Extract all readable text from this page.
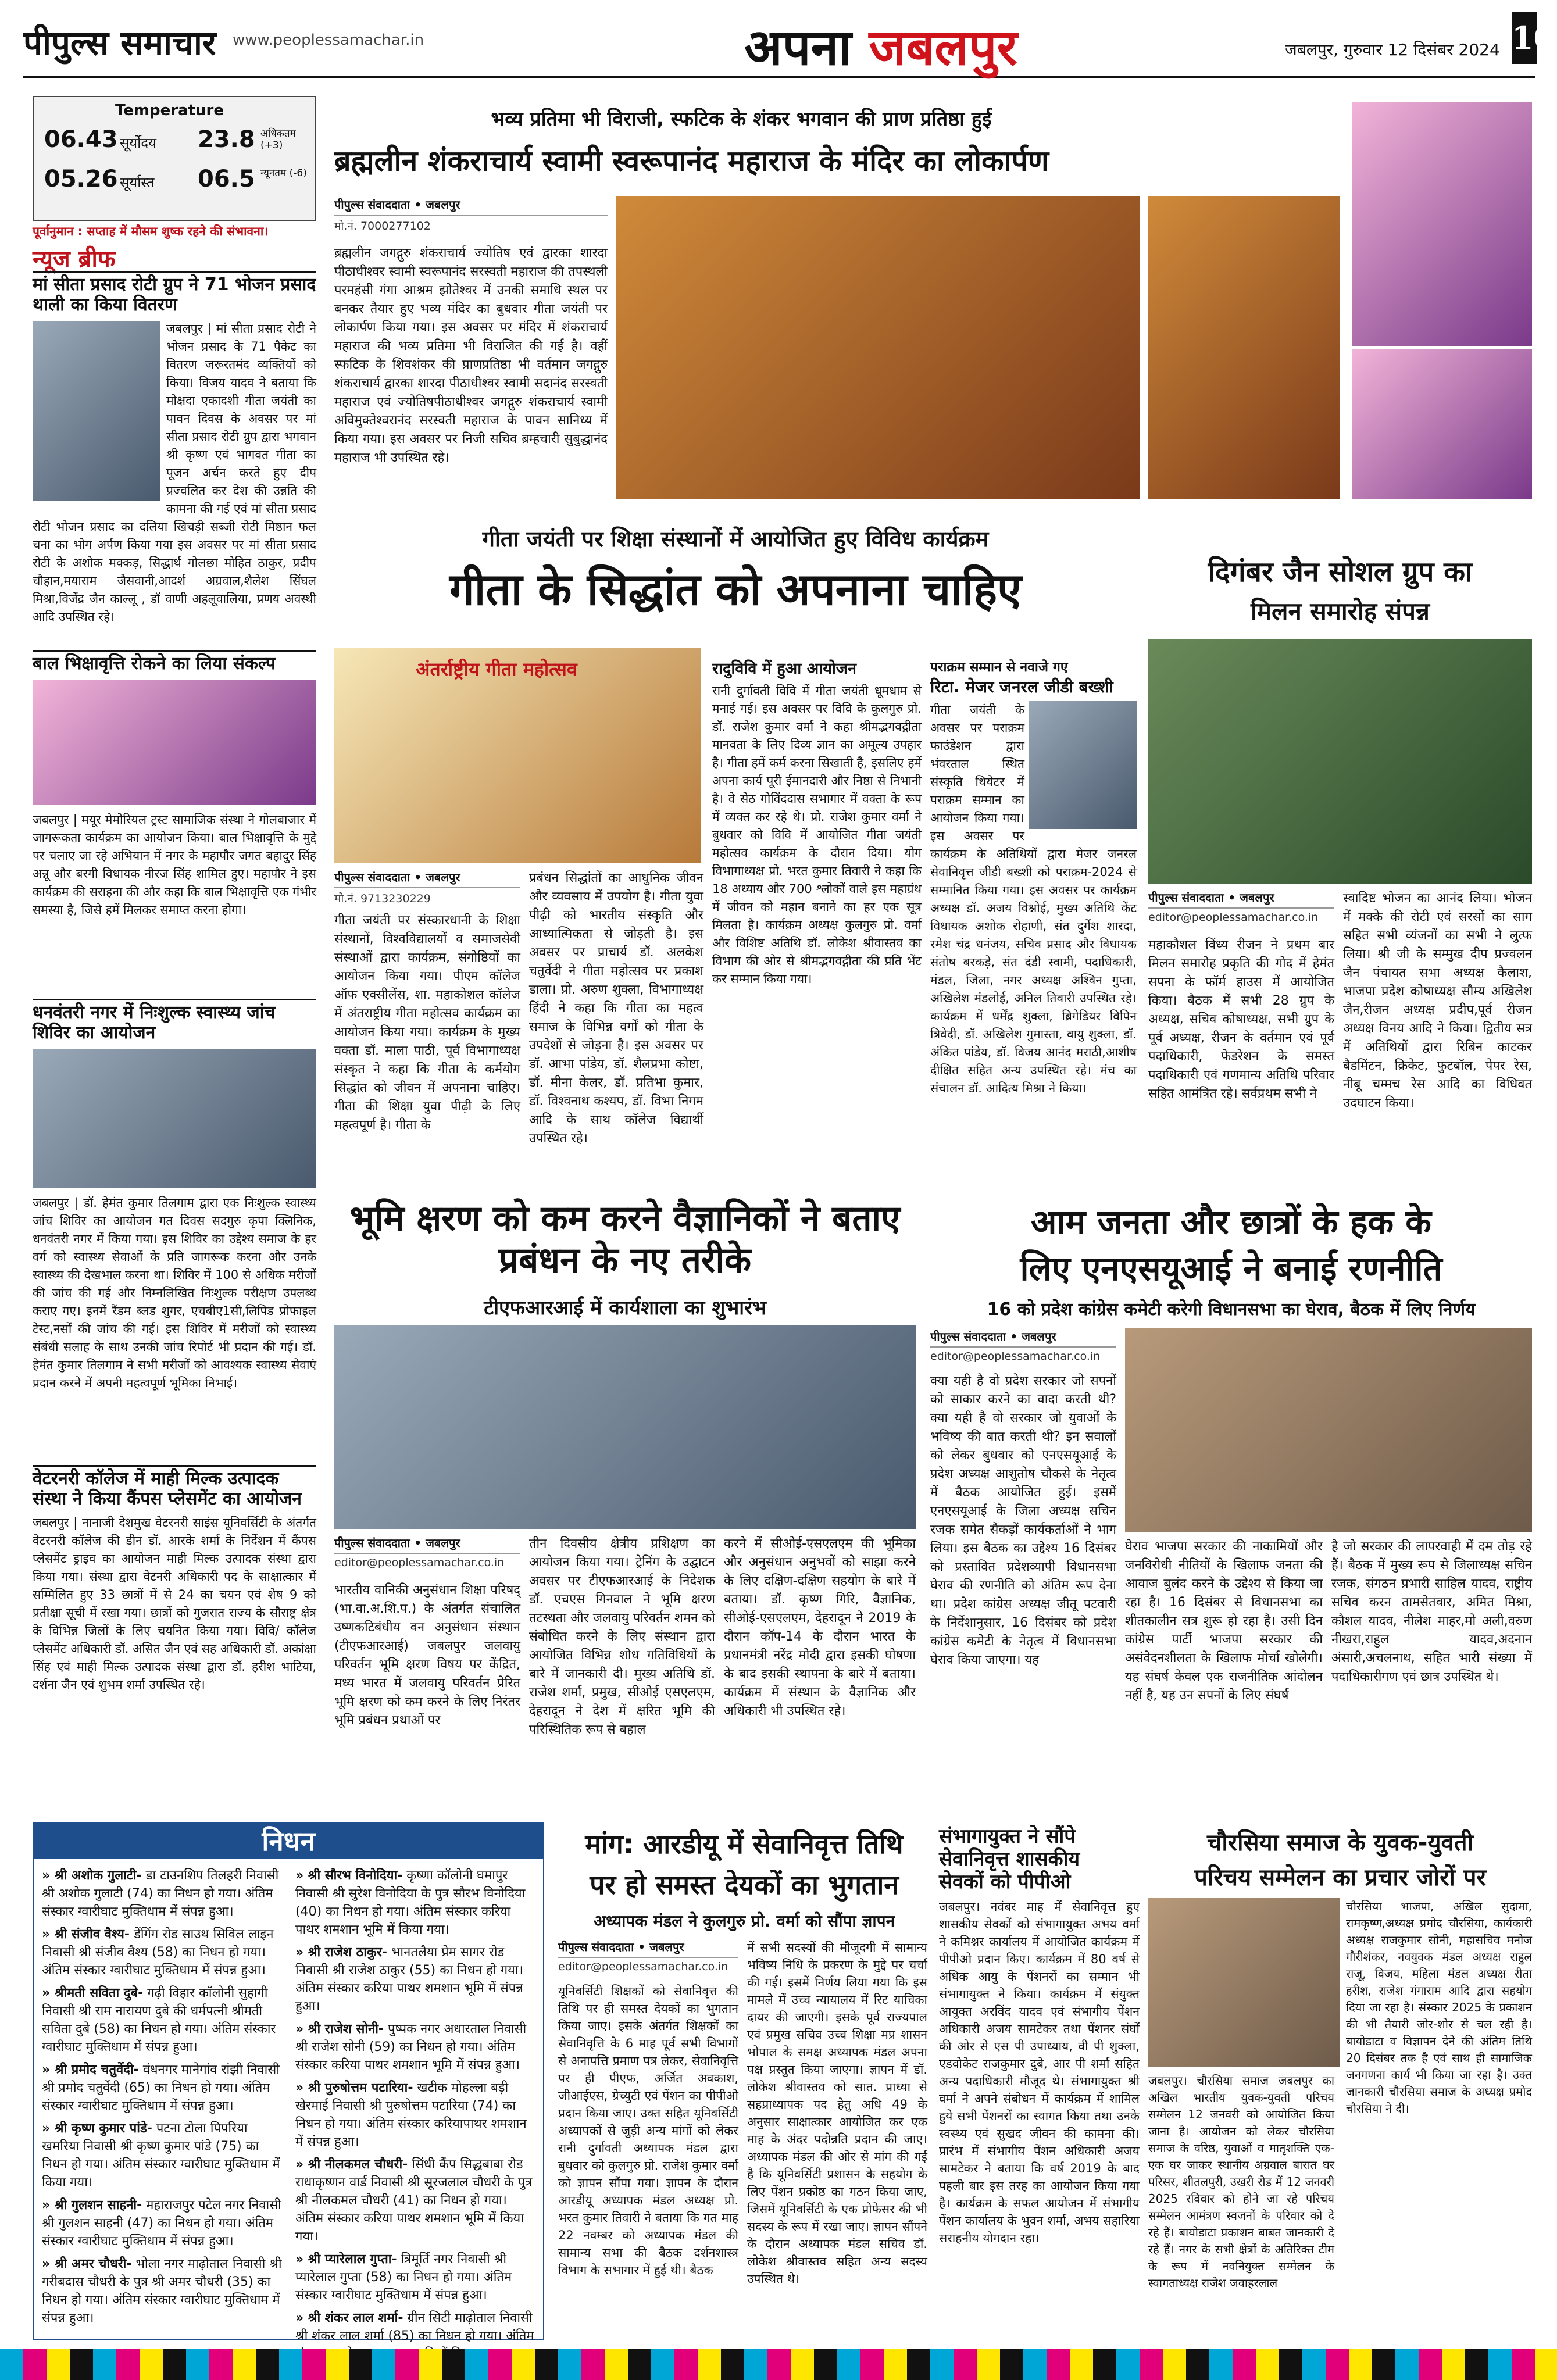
पीपुल्स समाचार www.peoplessamachar.in	अपना जबलपुर	जबलपुर, गुरुवार 12 दिसंबर 2024 10
Temperature
06.43 सूर्योदय
05.26 सूर्यास्त
23.8 अधिकतम (+3)
06.5 न्यूनतम (-6)
पूर्वानुमान : सप्ताह में मौसम शुष्क रहने की संभावना।
न्यूज ब्रीफ
मां सीता प्रसाद रोटी ग्रुप ने 71 भोजन प्रसाद थाली का किया वितरण
जबलपुर | मां सीता प्रसाद रोटी ने भोजन प्रसाद के 71 पैकेट का वितरण जरूरतमंद व्यक्तियों को किया। विजय यादव ने बताया कि मोक्षदा एकादशी गीता जयंती का पावन दिवस के अवसर पर मां सीता प्रसाद रोटी ग्रुप द्वारा भगवान श्री कृष्ण एवं भागवत गीता का पूजन अर्चन करते हुए दीप प्रज्वलित कर देश की उन्नति की कामना की गई एवं मां सीता प्रसाद रोटी भोजन प्रसाद का दलिया खिचड़ी सब्जी रोटी मिष्ठान फल चना का भोग अर्पण किया गया इस अवसर पर मां सीता प्रसाद रोटी के अशोक मक्कड़, सिद्धार्थ गोलछा मोहित ठाकुर, प्रदीप चौहान,मयाराम जैसवानी,आदर्श अग्रवाल,शैलेश सिंघल मिश्रा,विजेंद्र जैन काल्लू , डॉ वाणी अहलूवालिया, प्रणय अवस्थी आदि उपस्थित रहे।
बाल भिक्षावृत्ति रोकने का लिया संकल्प
जबलपुर | मयूर मेमोरियल ट्रस्ट सामाजिक संस्था ने गोलबाजार में जागरूकता कार्यक्रम का आयोजन किया। बाल भिक्षावृत्ति के मुद्दे पर चलाए जा रहे अभियान में नगर के महापौर जगत बहादुर सिंह अन्नू और बरगी विधायक नीरज सिंह शामिल हुए। महापौर ने इस कार्यक्रम की सराहना की और कहा कि बाल भिक्षावृत्ति एक गंभीर समस्या है, जिसे हमें मिलकर समाप्त करना होगा।
धनवंतरी नगर में निःशुल्क स्वास्थ्य जांच शिविर का आयोजन
जबलपुर | डॉ. हेमंत कुमार तिलगाम द्वारा एक निःशुल्क स्वास्थ्य जांच शिविर का आयोजन गत दिवस सदगुरु कृपा क्लिनिक, धनवंतरी नगर में किया गया। इस शिविर का उद्देश्य समाज के हर वर्ग को स्वास्थ्य सेवाओं के प्रति जागरूक करना और उनके स्वास्थ्य की देखभाल करना था। शिविर में 100 से अधिक मरीजों की जांच की गई और निम्नलिखित निःशुल्क परीक्षण उपलब्ध कराए गए। इनमें रैंडम ब्लड शुगर, एचबीए1सी,लिपिड प्रोफाइल टेस्ट,नसों की जांच की गई। इस शिविर में मरीजों को स्वास्थ्य संबंधी सलाह के साथ उनकी जांच रिपोर्ट भी प्रदान की गई। डॉ. हेमंत कुमार तिलगाम ने सभी मरीजों को आवश्यक स्वास्थ्य सेवाएं प्रदान करने में अपनी महत्वपूर्ण भूमिका निभाई।
वेटरनरी कॉलेज में माही मिल्क उत्पादक संस्था ने किया कैंपस प्लेसमेंट का आयोजन
जबलपुर | नानाजी देशमुख वेटरनरी साइंस यूनिवर्सिटी के अंतर्गत वेटरनरी कॉलेज की डीन डॉ. आरके शर्मा के निर्देशन में कैंपस प्लेसमेंट ड्राइव का आयोजन माही मिल्क उत्पादक संस्था द्वारा किया गया। संस्था द्वारा वेटनरी अधिकारी पद के साक्षात्कार में सम्मिलित हुए 33 छात्रों में से 24 का चयन एवं शेष 9 को प्रतीक्षा सूची में रखा गया। छात्रों को गुजरात राज्य के सौराष्ट्र क्षेत्र के विभिन्न जिलों के लिए चयनित किया गया। विवि/ कॉलेज प्लेसमेंट अधिकारी डॉ. असित जैन एवं सह अधिकारी डॉ. अकांक्षा सिंह एवं माही मिल्क उत्पादक संस्था द्वारा डॉ. हरीश भाटिया, दर्शना जैन एवं शुभम शर्मा उपस्थित रहे।
भव्य प्रतिमा भी विराजी, स्फटिक के शंकर भगवान की प्राण प्रतिष्ठा हुई
ब्रह्मलीन शंकराचार्य स्वामी स्वरूपानंद महाराज के मंदिर का लोकार्पण
पीपुल्स संवाददाता • जबलपुर
मो.नं. 7000277102
ब्रह्मलीन जगद्गुरु शंकराचार्य ज्योतिष एवं द्वारका शारदा पीठाधीश्वर स्वामी स्वरूपानंद सरस्वती महाराज की तपस्थली परमहंसी गंगा आश्रम झोतेश्वर में उनकी समाधि स्थल पर बनकर तैयार हुए भव्य मंदिर का बुधवार गीता जयंती पर लोकार्पण किया गया। इस अवसर पर मंदिर में शंकराचार्य महाराज की भव्य प्रतिमा भी विराजित की गई है। वहीं स्फटिक के शिवशंकर की प्राणप्रतिष्ठा भी वर्तमान जगद्गुरु शंकराचार्य द्वारका शारदा पीठाधीश्वर स्वामी सदानंद सरस्वती महाराज एवं ज्योतिषपीठाधीश्वर जगद्गुरु शंकराचार्य स्वामी अविमुक्तेश्वरानंद सरस्वती महाराज के पावन सानिध्य में किया गया। इस अवसर पर निजी सचिव ब्रम्हचारी सुबुद्धानंद महाराज भी उपस्थित रहे।
गीता जयंती पर शिक्षा संस्थानों में आयोजित हुए विविध कार्यक्रम
गीता के सिद्धांत को अपनाना चाहिए
अंतर्राष्ट्रीय गीता महोत्सव
पीपुल्स संवाददाता • जबलपुर
मो.नं. 9713230229
गीता जयंती पर संस्कारधानी के शिक्षा संस्थानों, विश्वविद्यालयों व समाजसेवी संस्थाओं द्वारा कार्यक्रम, संगोष्ठियों का आयोजन किया गया। पीएम कॉलेज ऑफ एक्सीलेंस, शा. महाकोशल कॉलेज में अंतराष्ट्रीय गीता महोत्सव कार्यक्रम का आयोजन किया गया। कार्यक्रम के मुख्य वक्ता डॉ. माला पाठी, पूर्व विभागाध्यक्ष संस्कृत ने कहा कि गीता के कर्मयोग सिद्धांत को जीवन में अपनाना चाहिए। गीता की शिक्षा युवा पीढ़ी के लिए महत्वपूर्ण है। गीता के
प्रबंधन सिद्धांतों का आधुनिक जीवन और व्यवसाय में उपयोग है। गीता युवा पीढ़ी को भारतीय संस्कृति और आध्यात्मिकता से जोड़ती है। इस अवसर पर प्राचार्य डॉ. अलकेश चतुर्वेदी ने गीता महोत्सव पर प्रकाश डाला। प्रो. अरुण शुक्ला, विभागाध्यक्ष हिंदी ने कहा कि गीता का महत्व समाज के विभिन्न वर्गों को गीता के उपदेशों से जोड़ना है। इस अवसर पर डॉ. आभा पांडेय, डॉ. शैलप्रभा कोष्टा, डॉ. मीना केलर, डॉ. प्रतिभा कुमार, डॉ. विश्वनाथ कश्यप, डॉ. विभा निगम आदि के साथ कॉलेज विद्यार्थी उपस्थित रहे।
रादुविवि में हुआ आयोजन
रानी दुर्गावती विवि में गीता जयंती धूमधाम से मनाई गई। इस अवसर पर विवि के कुलगुरु प्रो. डॉ. राजेश कुमार वर्मा ने कहा श्रीमद्भगवद्गीता मानवता के लिए दिव्य ज्ञान का अमूल्य उपहार है। गीता हमें कर्म करना सिखाती है, इसलिए हमें अपना कार्य पूरी ईमानदारी और निष्ठा से निभानी है। वे सेठ गोविंददास सभागार में वक्ता के रूप में व्यक्त कर रहे थे। प्रो. राजेश कुमार वर्मा ने बुधवार को विवि में आयोजित गीता जयंती महोत्सव कार्यक्रम के दौरान दिया। योग विभागाध्यक्ष प्रो. भरत कुमार तिवारी ने कहा कि 18 अध्याय और 700 श्लोकों वाले इस महाग्रंथ में जीवन को महान बनाने का हर एक सूत्र मिलता है। कार्यक्रम अध्यक्ष कुलगुरु प्रो. वर्मा और विशिष्ट अतिथि डॉ. लोकेश श्रीवास्तव का विभाग की ओर से श्रीमद्भगवद्गीता की प्रति भेंट कर सम्मान किया गया।
पराक्रम सम्मान से नवाजे गए
रिटा. मेजर जनरल जीडी बख्शी
गीता जयंती के अवसर पर पराक्रम फाउंडेशन द्वारा भंवरताल स्थित संस्कृति थियेटर में पराक्रम सम्मान का आयोजन किया गया। इस अवसर पर कार्यक्रम के अतिथियों द्वारा मेजर जनरल सेवानिवृत्त जीडी बख्शी को पराक्रम-2024 से सम्मानित किया गया। इस अवसर पर कार्यक्रम अध्यक्ष डॉ. अजय विश्नोई, मुख्य अतिथि केंट विधायक अशोक रोहाणी, संत दुर्गेश शारदा, रमेश चंद्र धनंजय, सचिव प्रसाद और विधायक संतोष बरकड़े, संत दंडी स्वामी, पदाधिकारी, मंडल, जिला, नगर अध्यक्ष अश्विन गुप्ता, अखिलेश मंडलोई, अनिल तिवारी उपस्थित रहे। कार्यक्रम में धर्मेंद्र शुक्ला, ब्रिगेडियर विपिन त्रिवेदी, डॉ. अखिलेश गुमास्ता, वायु शुक्ला, डॉ. अंकित पांडेय, डॉ. विजय आनंद मराठी,आशीष दीक्षित सहित अन्य उपस्थित रहे। मंच का संचालन डॉ. आदित्य मिश्रा ने किया।
दिगंबर जैन सोशल ग्रुप का
मिलन समारोह संपन्न
पीपुल्स संवाददाता • जबलपुर
editor@peoplessamachar.co.in
महाकौशल विंध्य रीजन ने प्रथम बार मिलन समारोह प्रकृति की गोद में हेमंत सपना के फॉर्म हाउस में आयोजित किया। बैठक में सभी 28 ग्रुप के अध्यक्ष, सचिव कोषाध्यक्ष, सभी ग्रुप के पूर्व अध्यक्ष, रीजन के वर्तमान एवं पूर्व पदाधिकारी, फेडरेशन के समस्त पदाधिकारी एवं गणमान्य अतिथि परिवार सहित आमंत्रित रहे। सर्वप्रथम सभी ने
स्वादिष्ट भोजन का आनंद लिया। भोजन में मक्के की रोटी एवं सरसों का साग सहित सभी व्यंजनों का सभी ने लुत्फ लिया। श्री जी के सम्मुख दीप प्रज्वलन जैन पंचायत सभा अध्यक्ष कैलाश, भाजपा प्रदेश कोषाध्यक्ष सौम्य अखिलेश जैन,रीजन अध्यक्ष प्रदीप,पूर्व रीजन अध्यक्ष विनय आदि ने किया। द्वितीय सत्र में अतिथियों द्वारा रिबिन काटकर बैडमिंटन, क्रिकेट, फुटबॉल, पेपर रेस, नीबू चम्मच रेस आदि का विधिवत उदघाटन किया।
भूमि क्षरण को कम करने वैज्ञानिकों ने बताए प्रबंधन के नए तरीके
टीएफआरआई में कार्यशाला का शुभारंभ
पीपुल्स संवाददाता • जबलपुर
editor@peoplessamachar.co.in
भारतीय वानिकी अनुसंधान शिक्षा परिषद् (भा.वा.अ.शि.प.) के अंतर्गत संचालित उष्णकटिबंधीय वन अनुसंधान संस्थान (टीएफआरआई) जबलपुर जलवायु परिवर्तन भूमि क्षरण विषय पर केंद्रित, मध्य भारत में जलवायु परिवर्तन प्रेरित भूमि क्षरण को कम करने के लिए निरंतर भूमि प्रबंधन प्रथाओं पर
तीन दिवसीय क्षेत्रीय प्रशिक्षण का आयोजन किया गया। ट्रेनिंग के उद्घाटन अवसर पर टीएफआरआई के निदेशक डॉ. एचएस गिनवाल ने भूमि क्षरण तटस्थता और जलवायु परिवर्तन शमन को संबोधित करने के लिए संस्थान द्वारा आयोजित विभिन्न शोध गतिविधियों के बारे में जानकारी दी। मुख्य अतिथि डॉ. राजेश शर्मा, प्रमुख, सीओई एसएलएम, देहरादून ने देश में क्षरित भूमि की परिस्थितिक रूप से बहाल
करने में सीओई-एसएलएम की भूमिका और अनुसंधान अनुभवों को साझा करने के लिए दक्षिण-दक्षिण सहयोग के बारे में बताया। डॉ. कृष्ण गिरि, वैज्ञानिक, सीओई-एसएलएम, देहरादून ने 2019 के दौरान कॉप-14 के दौरान भारत के प्रधानमंत्री नरेंद्र मोदी द्वारा इसकी घोषणा के बाद इसकी स्थापना के बारे में बताया। कार्यक्रम में संस्थान के वैज्ञानिक और अधिकारी भी उपस्थित रहे।
आम जनता और छात्रों के हक के
लिए एनएसयूआई ने बनाई रणनीति
16 को प्रदेश कांग्रेस कमेटी करेगी विधानसभा का घेराव, बैठक में लिए निर्णय
पीपुल्स संवाददाता • जबलपुर
editor@peoplessamachar.co.in
क्या यही है वो प्रदेश सरकार जो सपनों को साकार करने का वादा करती थी? क्या यही है वो सरकार जो युवाओं के भविष्य की बात करती थी? इन सवालों को लेकर बुधवार को एनएसयूआई के प्रदेश अध्यक्ष आशुतोष चौकसे के नेतृत्व में बैठक आयोजित हुई। इसमें एनएसयूआई के जिला अध्यक्ष सचिन रजक समेत सैकड़ों कार्यकर्ताओं ने भाग लिया। इस बैठक का उद्देश्य 16 दिसंबर को प्रस्तावित प्रदेशव्यापी विधानसभा घेराव की रणनीति को अंतिम रूप देना था। प्रदेश कांग्रेस अध्यक्ष जीतू पटवारी के निर्देशानुसार, 16 दिसंबर को प्रदेश कांग्रेस कमेटी के नेतृत्व में विधानसभा घेराव किया जाएगा। यह
घेराव भाजपा सरकार की नाकामियों और जनविरोधी नीतियों के खिलाफ जनता की आवाज बुलंद करने के उद्देश्य से किया जा रहा है। 16 दिसंबर से विधानसभा का शीतकालीन सत्र शुरू हो रहा है। उसी दिन कांग्रेस पार्टी भाजपा सरकार की असंवेदनशीलता के खिलाफ मोर्चा खोलेगी। यह संघर्ष केवल एक राजनीतिक आंदोलन नहीं है, यह उन सपनों के लिए संघर्ष
है जो सरकार की लापरवाही में दम तोड़ रहे हैं। बैठक में मुख्य रूप से जिलाध्यक्ष सचिन रजक, संगठन प्रभारी साहिल यादव, राष्ट्रीय सचिव करन तामसेतवार, अमित मिश्रा, कौशल यादव, नीलेश माहर,मो अली,वरुण नीखरा,राहुल यादव,अदनान अंसारी,अचलनाथ, सहित भारी संख्या में पदाधिकारीगण एवं छात्र उपस्थित थे।
निधन
» श्री अशोक गुलाटी- डा टाउनशिप तिलहरी निवासी श्री अशोक गुलाटी (74) का निधन हो गया। अंतिम संस्कार ग्वारीघाट मुक्तिधाम में संपन्न हुआ।
» श्री संजीव वैश्य- डेंगिंग रोड साउथ सिविल लाइन निवासी श्री संजीव वैश्य (58) का निधन हो गया। अंतिम संस्कार ग्वारीघाट मुक्तिधाम में संपन्न हुआ।
» श्रीमती सविता दुबे- गढ़ी विहार कॉलोनी सुहागी निवासी श्री राम नारायण दुबे की धर्मपत्नी श्रीमती सविता दुबे (58) का निधन हो गया। अंतिम संस्कार ग्वारीघाट मुक्तिधाम में संपन्न हुआ।
» श्री प्रमोद चतुर्वेदी- वंधनगर मानेगांव रांझी निवासी श्री प्रमोद चतुर्वेदी (65) का निधन हो गया। अंतिम संस्कार ग्वारीघाट मुक्तिधाम में संपन्न हुआ।
» श्री कृष्ण कुमार पांडे- पटना टोला पिपरिया खमरिया निवासी श्री कृष्ण कुमार पांडे (75) का निधन हो गया। अंतिम संस्कार ग्वारीघाट मुक्तिधाम में किया गया।
» श्री गुलशन साहनी- महाराजपुर पटेल नगर निवासी श्री गुलशन साहनी (47) का निधन हो गया। अंतिम संस्कार ग्वारीघाट मुक्तिधाम में संपन्न हुआ।
» श्री अमर चौधरी- भोला नगर माढ़ोताल निवासी श्री गरीबदास चौधरी के पुत्र श्री अमर चौधरी (35) का निधन हो गया। अंतिम संस्कार ग्वारीघाट मुक्तिधाम में संपन्न हुआ।
» श्री सौरभ विनोदिया- कृष्णा कॉलोनी घमापुर निवासी श्री सुरेश विनोदिया के पुत्र सौरभ विनोदिया (40) का निधन हो गया। अंतिम संस्कार करिया पाथर शमशान भूमि में किया गया।
» श्री राजेश ठाकुर- भानतलैया प्रेम सागर रोड निवासी श्री राजेश ठाकुर (55) का निधन हो गया। अंतिम संस्कार करिया पाथर शमशान भूमि में संपन्न हुआ।
» श्री राजेश सोनी- पुष्पक नगर अधारताल निवासी श्री राजेश सोनी (59) का निधन हो गया। अंतिम संस्कार करिया पाथर शमशान भूमि में संपन्न हुआ।
» श्री पुरुषोत्तम पटारिया- खटीक मोहल्ला बड़ी खेरमाई निवासी श्री पुरुषोत्तम पटारिया (74) का निधन हो गया। अंतिम संस्कार करियापाथर शमशान में संपन्न हुआ।
» श्री नीलकमल चौधरी- सिंधी कैंप सिद्धबाबा रोड राधाकृष्णन वार्ड निवासी श्री सूरजलाल चौधरी के पुत्र श्री नीलकमल चौधरी (41) का निधन हो गया। अंतिम संस्कार करिया पाथर शमशान भूमि में किया गया।
» श्री प्यारेलाल गुप्ता- त्रिमूर्ति नगर निवासी श्री प्यारेलाल गुप्ता (58) का निधन हो गया। अंतिम संस्कार ग्वारीघाट मुक्तिधाम में संपन्न हुआ।
» श्री शंकर लाल शर्मा- ग्रीन सिटी माढ़ोताल निवासी श्री शंकर लाल शर्मा (85) का निधन हो गया। अंतिम
मांग: आरडीयू में सेवानिवृत्त तिथि
पर हो समस्त देयकों का भुगतान
अध्यापक मंडल ने कुलगुरु प्रो. वर्मा को सौंपा ज्ञापन
पीपुल्स संवाददाता • जबलपुर
editor@peoplessamachar.co.in
यूनिवर्सिटी शिक्षकों को सेवानिवृत्त की तिथि पर ही समस्त देयकों का भुगतान किया जाए। इसके अंतर्गत शिक्षकों का सेवानिवृत्ति के 6 माह पूर्व सभी विभागों से अनापत्ति प्रमाण पत्र लेकर, सेवानिवृत्ति पर ही पीएफ, अर्जित अवकाश, जीआईएस, ग्रेच्युटी एवं पेंशन का पीपीओ प्रदान किया जाए। उक्त सहित यूनिवर्सिटी अध्यापकों से जुड़ी अन्य मांगों को लेकर रानी दुर्गावती अध्यापक मंडल द्वारा बुधवार को कुलगुरु प्रो. राजेश कुमार वर्मा को ज्ञापन सौंपा गया। ज्ञापन के दौरान आरडीयू अध्यापक मंडल अध्यक्ष प्रो. भरत कुमार तिवारी ने बताया कि गत माह 22 नवम्बर को अध्यापक मंडल की सामान्य सभा की बैठक दर्शनशास्त्र विभाग के सभागार में हुई थी। बैठक
में सभी सदस्यों की मौजूदगी में सामान्य भविष्य निधि के प्रकरण के मुद्दे पर चर्चा की गई। इसमें निर्णय लिया गया कि इस मामले में उच्च न्यायालय में रिट याचिका दायर की जाएगी। इसके पूर्व राज्यपाल एवं प्रमुख सचिव उच्च शिक्षा मप्र शासन भोपाल के समक्ष अध्यापक मंडल अपना पक्ष प्रस्तुत किया जाएगा। ज्ञापन में डॉ. लोकेश श्रीवास्तव को सात. प्राध्या से सहप्राध्यापक पद हेतु अधि 49 के अनुसार साक्षात्कार आयोजित कर एक माह के अंदर पदोन्नति प्रदान की जाए। अध्यापक मंडल की ओर से मांग की गई है कि यूनिवर्सिटी प्रशासन के सहयोग के लिए पेंशन प्रकोष्ठ का गठन किया जाए, जिसमें यूनिवर्सिटी के एक प्रोफेसर की भी सदस्य के रूप में रखा जाए। ज्ञापन सौंपने के दौरान अध्यापक मंडल सचिव डॉ. लोकेश श्रीवास्तव सहित अन्य सदस्य उपस्थित थे।
संभागायुक्त ने सौंपे
सेवानिवृत्त शासकीय
सेवकों को पीपीओ
जबलपुर। नवंबर माह में सेवानिवृत्त हुए शासकीय सेवकों को संभागायुक्त अभय वर्मा ने कमिश्नर कार्यालय में आयोजित कार्यक्रम में पीपीओ प्रदान किए। कार्यक्रम में 80 वर्ष से अधिक आयु के पेंशनरों का सम्मान भी संभागायुक्त ने किया। कार्यक्रम में संयुक्त आयुक्त अरविंद यादव एवं संभागीय पेंशन अधिकारी अजय सामटेकर तथा पेंशनर संघों की ओर से एस पी उपाध्याय, वी पी शुक्ला, एडवोकेट राजकुमार दुबे, आर पी शर्मा सहित अन्य पदाधिकारी मौजूद थे। संभागायुक्त श्री वर्मा ने अपने संबोधन में कार्यक्रम में शामिल हुये सभी पेंशनरों का स्वागत किया तथा उनके स्वस्थ्य एवं सुखद जीवन की कामना की। प्रारंभ में संभागीय पेंशन अधिकारी अजय सामटेकर ने बताया कि वर्ष 2019 के बाद पहली बार इस तरह का आयोजन किया गया है। कार्यक्रम के सफल आयोजन में संभागीय पेंशन कार्यालय के भुवन शर्मा, अभय सहारिया सराहनीय योगदान रहा।
चौरसिया समाज के युवक-युवती
परिचय सम्मेलन का प्रचार जोरों पर
जबलपुर। चौरसिया समाज जबलपुर का अखिल भारतीय युवक-युवती परिचय सम्मेलन 12 जनवरी को आयोजित किया जाना है। आयोजन को लेकर चौरसिया समाज के वरिष्ठ, युवाओं व मातृशक्ति एक-एक घर जाकर स्थानीय अग्रवाल बारात घर परिसर, शीतलपुरी, उखरी रोड में 12 जनवरी 2025 रविवार को होने जा रहे परिचय सम्मेलन आमंत्रण स्वजनों के परिवार को दे रहे हैं। बायोडाटा प्रकाशन बाबत जानकारी दे रहे हैं। नगर के सभी क्षेत्रों के अतिरिक्त टीम के रूप में नवनियुक्त सम्मेलन के स्वागताध्यक्ष राजेश जवाहरलाल
चौरसिया भाजपा, अखिल सुदामा, रामकृष्ण,अध्यक्ष प्रमोद चौरसिया, कार्यकारी अध्यक्ष राजकुमार सोनी, महासचिव मनोज गौरीशंकर, नवयुवक मंडल अध्यक्ष राहुल राजू, विजय, महिला मंडल अध्यक्ष रीता हरीश, राजेश गंगाराम आदि द्वारा सहयोग दिया जा रहा है। संस्कार 2025 के प्रकाशन की भी तैयारी जोर-शोर से चल रही है। बायोडाटा व विज्ञापन देने की अंतिम तिथि 20 दिसंबर तक है एवं साथ ही सामाजिक जनगणना कार्य भी किया जा रहा है। उक्त जानकारी चौरसिया समाज के अध्यक्ष प्रमोद चौरसिया ने दी।
